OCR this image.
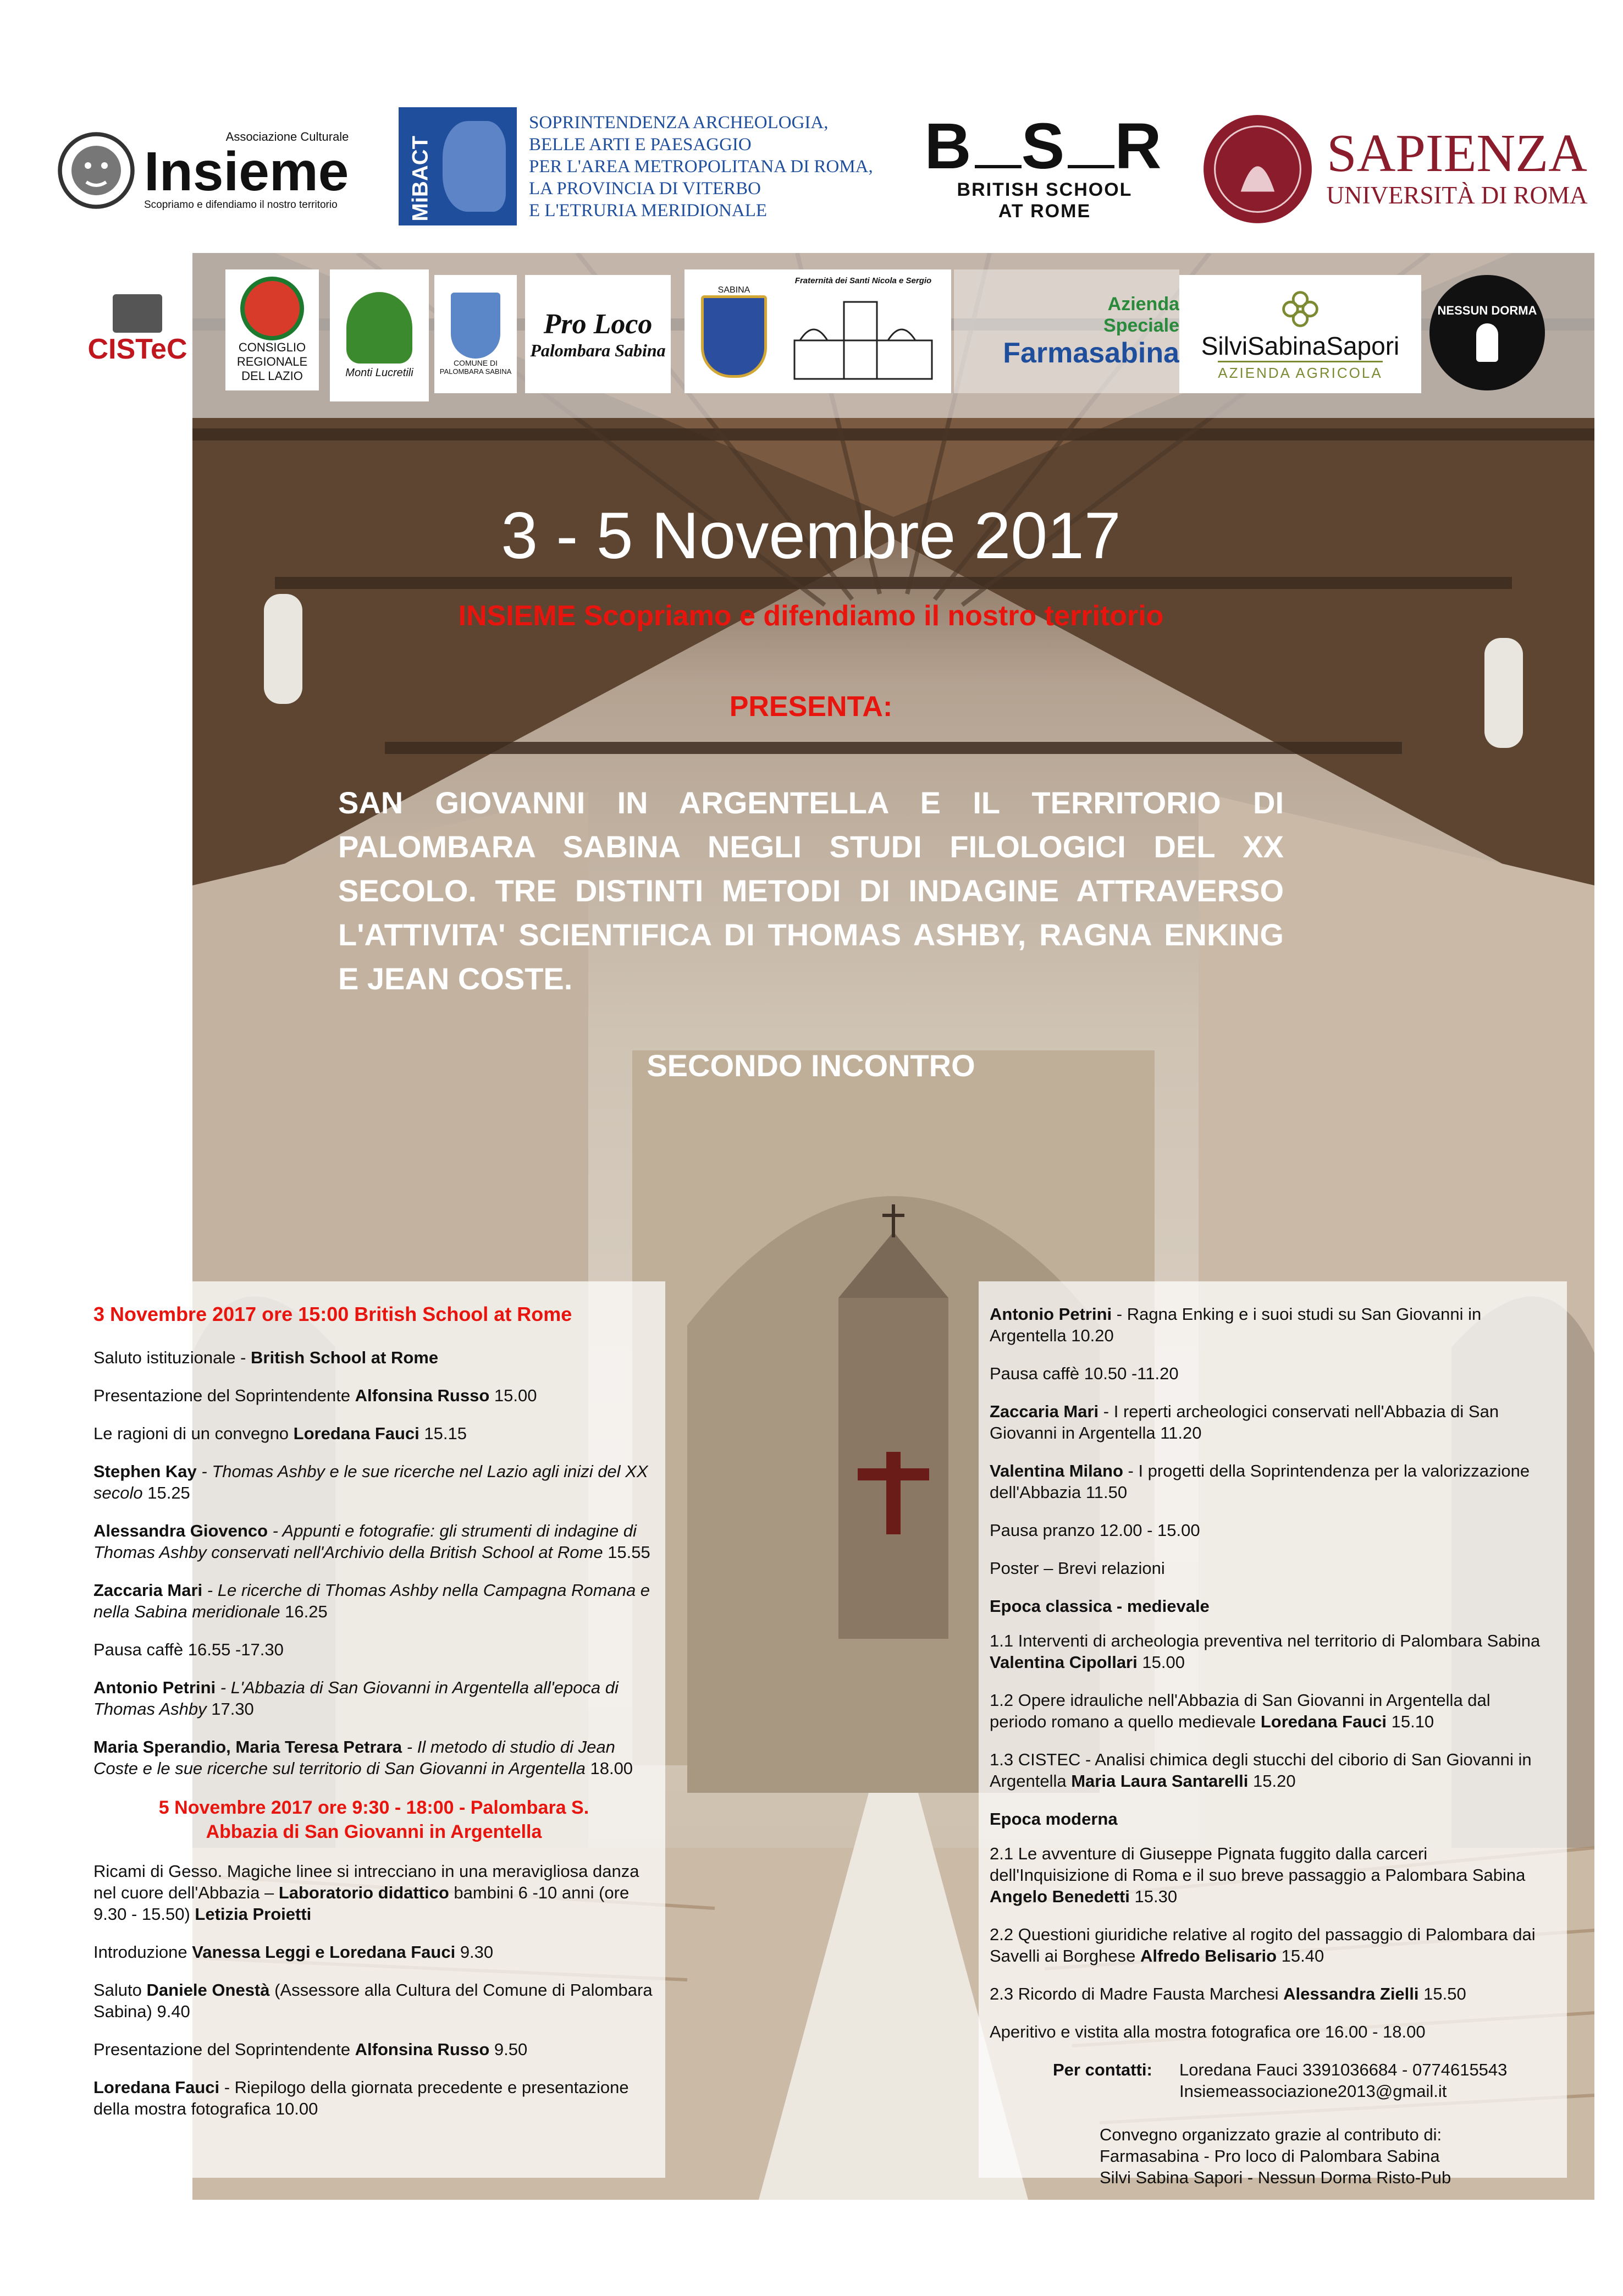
Associazione Culturale
Insieme
Scopriamo e difendiamo il nostro territorio	MiBACT
SOPRINTENDENZA ARCHEOLOGIA,
BELLE ARTI E PAESAGGIO
PER L'AREA METROPOLITANA DI ROMA,
LA PROVINCIA DI VITERBO
E L'ETRURIA MERIDIONALE
B S R
BRITISH SCHOOL
AT ROME
SAPIENZA
UNIVERSITÀ DI ROMA
CISTeC	CONSIGLIO
REGIONALE
DEL LAZIO	Monti Lucretili
COMUNE DI
PALOMBARA SABINA
Pro Loco
Palombara Sabina
SABINA
Fraternità dei Santi Nicola e Sergio
Azienda
Speciale
Farmasabina SilviSabinaSapori
AZIENDA AGRICOLA
NESSUN DORMA
3 - 5 Novembre 2017
INSIEME Scopriamo e difendiamo il nostro territorio
PRESENTA:
SAN GIOVANNI IN ARGENTELLA E IL TERRITORIO DI PALOMBARA SABINA NEGLI STUDI FILOLOGICI DEL XX SECOLO. TRE DISTINTI METODI DI INDAGINE ATTRAVERSO L'ATTIVITA' SCIENTIFICA DI THOMAS ASHBY, RAGNA ENKING E JEAN COSTE.
SECONDO INCONTRO
3 Novembre 2017 ore 15:00 British School at Rome

Saluto istituzionale - British School at Rome

Presentazione del Soprintendente Alfonsina Russo 15.00

Le ragioni di un convegno Loredana Fauci 15.15

Stephen Kay - Thomas Ashby e le sue ricerche nel Lazio agli inizi del XX secolo 15.25

Alessandra Giovenco - Appunti e fotografie: gli strumenti di indagine di Thomas Ashby conservati nell'Archivio della British School at Rome 15.55

Zaccaria Mari - Le ricerche di Thomas Ashby nella Campagna Romana e nella Sabina meridionale 16.25

Pausa caffè 16.55 -17.30

Antonio Petrini - L'Abbazia di San Giovanni in Argentella all'epoca di Thomas Ashby 17.30

Maria Sperandio, Maria Teresa Petrara - Il metodo di studio di Jean Coste e le sue ricerche sul territorio di San Giovanni in Argentella 18.00

5 Novembre 2017 ore 9:30 - 18:00 - Palombara S.
Abbazia di San Giovanni in Argentella

Ricami di Gesso. Magiche linee si intrecciano in una meravigliosa danza nel cuore dell'Abbazia – Laboratorio didattico bambini 6 -10 anni (ore 9.30 - 15.50) Letizia Proietti

Introduzione Vanessa Leggi e Loredana Fauci 9.30

Saluto Daniele Onestà (Assessore alla Cultura del Comune di Palombara Sabina) 9.40

Presentazione del Soprintendente Alfonsina Russo 9.50

Loredana Fauci - Riepilogo della giornata precedente e presentazione della mostra fotografica 10.00

Antonio Petrini - Ragna Enking e i suoi studi su San Giovanni in Argentella 10.20

Pausa caffè 10.50 -11.20

Zaccaria Mari - I reperti archeologici conservati nell'Abbazia di San Giovanni in Argentella 11.20

Valentina Milano - I progetti della Soprintendenza per la valorizzazione dell'Abbazia 11.50

Pausa pranzo 12.00 - 15.00

Poster – Brevi relazioni

Epoca classica - medievale

1.1 Interventi di archeologia preventiva nel territorio di Palombara Sabina Valentina Cipollari 15.00

1.2 Opere idrauliche nell'Abbazia di San Giovanni in Argentella dal periodo romano a quello medievale Loredana Fauci 15.10

1.3 CISTEC - Analisi chimica degli stucchi del ciborio di San Giovanni in Argentella Maria Laura Santarelli 15.20

Epoca moderna

2.1 Le avventure di Giuseppe Pignata fuggito dalla carceri dell'Inquisizione di Roma e il suo breve passaggio a Palombara Sabina Angelo Benedetti 15.30

2.2 Questioni giuridiche relative al rogito del passaggio di Palombara dai Savelli ai Borghese Alfredo Belisario 15.40

2.3 Ricordo di Madre Fausta Marchesi Alessandra Zielli 15.50

Aperitivo e vistita alla mostra fotografica ore 16.00 - 18.00

Per contatti:	Loredana Fauci 3391036684 - 0774615543
Insiemeassociazione2013@gmail.it
Convegno organizzato grazie al contributo di:
Farmasabina - Pro loco di Palombara Sabina
Silvi Sabina Sapori - Nessun Dorma Risto-Pub
